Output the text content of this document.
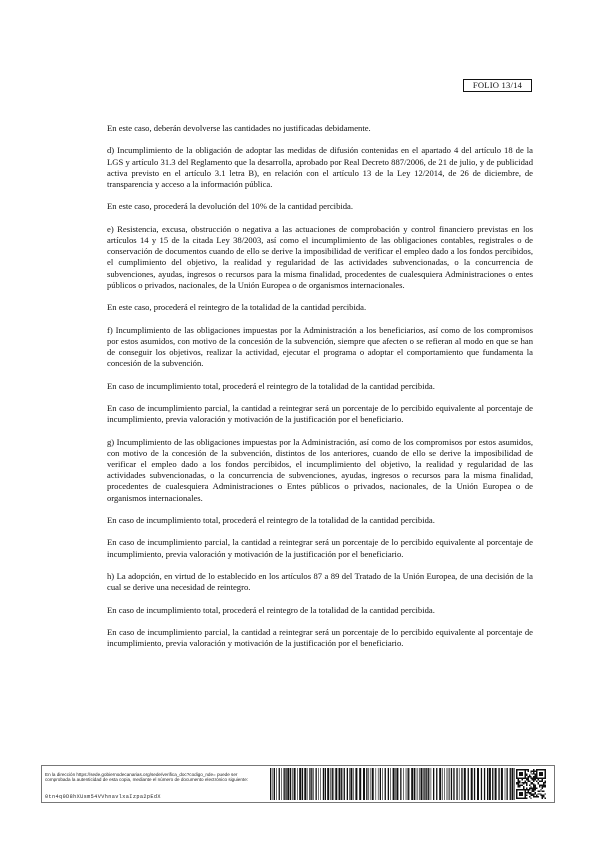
FOLIO 13/14

En este caso, deberán devolverse las cantidades no justificadas debidamente.

d) Incumplimiento de la obligación de adoptar las medidas de difusión contenidas en el apartado 4 del artículo 18 de la LGS y artículo 31.3 del Reglamento que la desarrolla, aprobado por Real Decreto 887/2006, de 21 de julio, y de publicidad activa previsto en el artículo 3.1 letra B), en relación con el artículo 13 de la Ley 12/2014, de 26 de diciembre, de transparencia y acceso a la información pública.

En este caso, procederá la devolución del 10% de la cantidad percibida.

e) Resistencia, excusa, obstrucción o negativa a las actuaciones de comprobación y control financiero previstas en los artículos 14 y 15 de la citada Ley 38/2003, así como el incumplimiento de las obligaciones contables, registrales o de conservación de documentos cuando de ello se derive la imposibilidad de verificar el empleo dado a los fondos percibidos, el cumplimiento del objetivo, la realidad y regularidad de las actividades subvencionadas, o la concurrencia de subvenciones, ayudas, ingresos o recursos para la misma finalidad, procedentes de cualesquiera Administraciones o entes públicos o privados, nacionales, de la Unión Europea o de organismos internacionales.

En este caso, procederá el reintegro de la totalidad de la cantidad percibida.

f) Incumplimiento de las obligaciones impuestas por la Administración a los beneficiarios, así como de los compromisos por estos asumidos, con motivo de la concesión de la subvención, siempre que afecten o se refieran al modo en que se han de conseguir los objetivos, realizar la actividad, ejecutar el programa o adoptar el comportamiento que fundamenta la concesión de la subvención.

En caso de incumplimiento total, procederá el reintegro de la totalidad de la cantidad percibida.

En caso de incumplimiento parcial, la cantidad a reintegrar será un porcentaje de lo percibido equivalente al porcentaje de incumplimiento, previa valoración y motivación de la justificación por el beneficiario.

g) Incumplimiento de las obligaciones impuestas por la Administración, así como de los compromisos por estos asumidos, con motivo de la concesión de la subvención, distintos de los anteriores, cuando de ello se derive la imposibilidad de verificar el empleo dado a los fondos percibidos, el incumplimiento del objetivo, la realidad y regularidad de las actividades subvencionadas, o la concurrencia de subvenciones, ayudas, ingresos o recursos para la misma finalidad, procedentes de cualesquiera Administraciones o Entes públicos o privados, nacionales, de la Unión Europea o de organismos internacionales.

En caso de incumplimiento total, procederá el reintegro de la totalidad de la cantidad percibida.

En caso de incumplimiento parcial, la cantidad a reintegrar será un porcentaje de lo percibido equivalente al porcentaje de incumplimiento, previa valoración y motivación de la justificación por el beneficiario.

h) La adopción, en virtud de lo establecido en los artículos 87 a 89 del Tratado de la Unión Europea, de una decisión de la cual se derive una necesidad de reintegro.

En caso de incumplimiento total, procederá el reintegro de la totalidad de la cantidad percibida.

En caso de incumplimiento parcial, la cantidad a reintegrar será un porcentaje de lo percibido equivalente al porcentaje de incumplimiento, previa valoración y motivación de la justificación por el beneficiario.

En la dirección https://sede.gobiernodecanarias.org/sede/verifica_doc?codigo_nde= puede ser comprobada la autenticidad de esta copia, mediante el número de documento electrónico siguiente:
0tn4q0D8hXUsm54VVhnavlxaIzpa2pEdX
